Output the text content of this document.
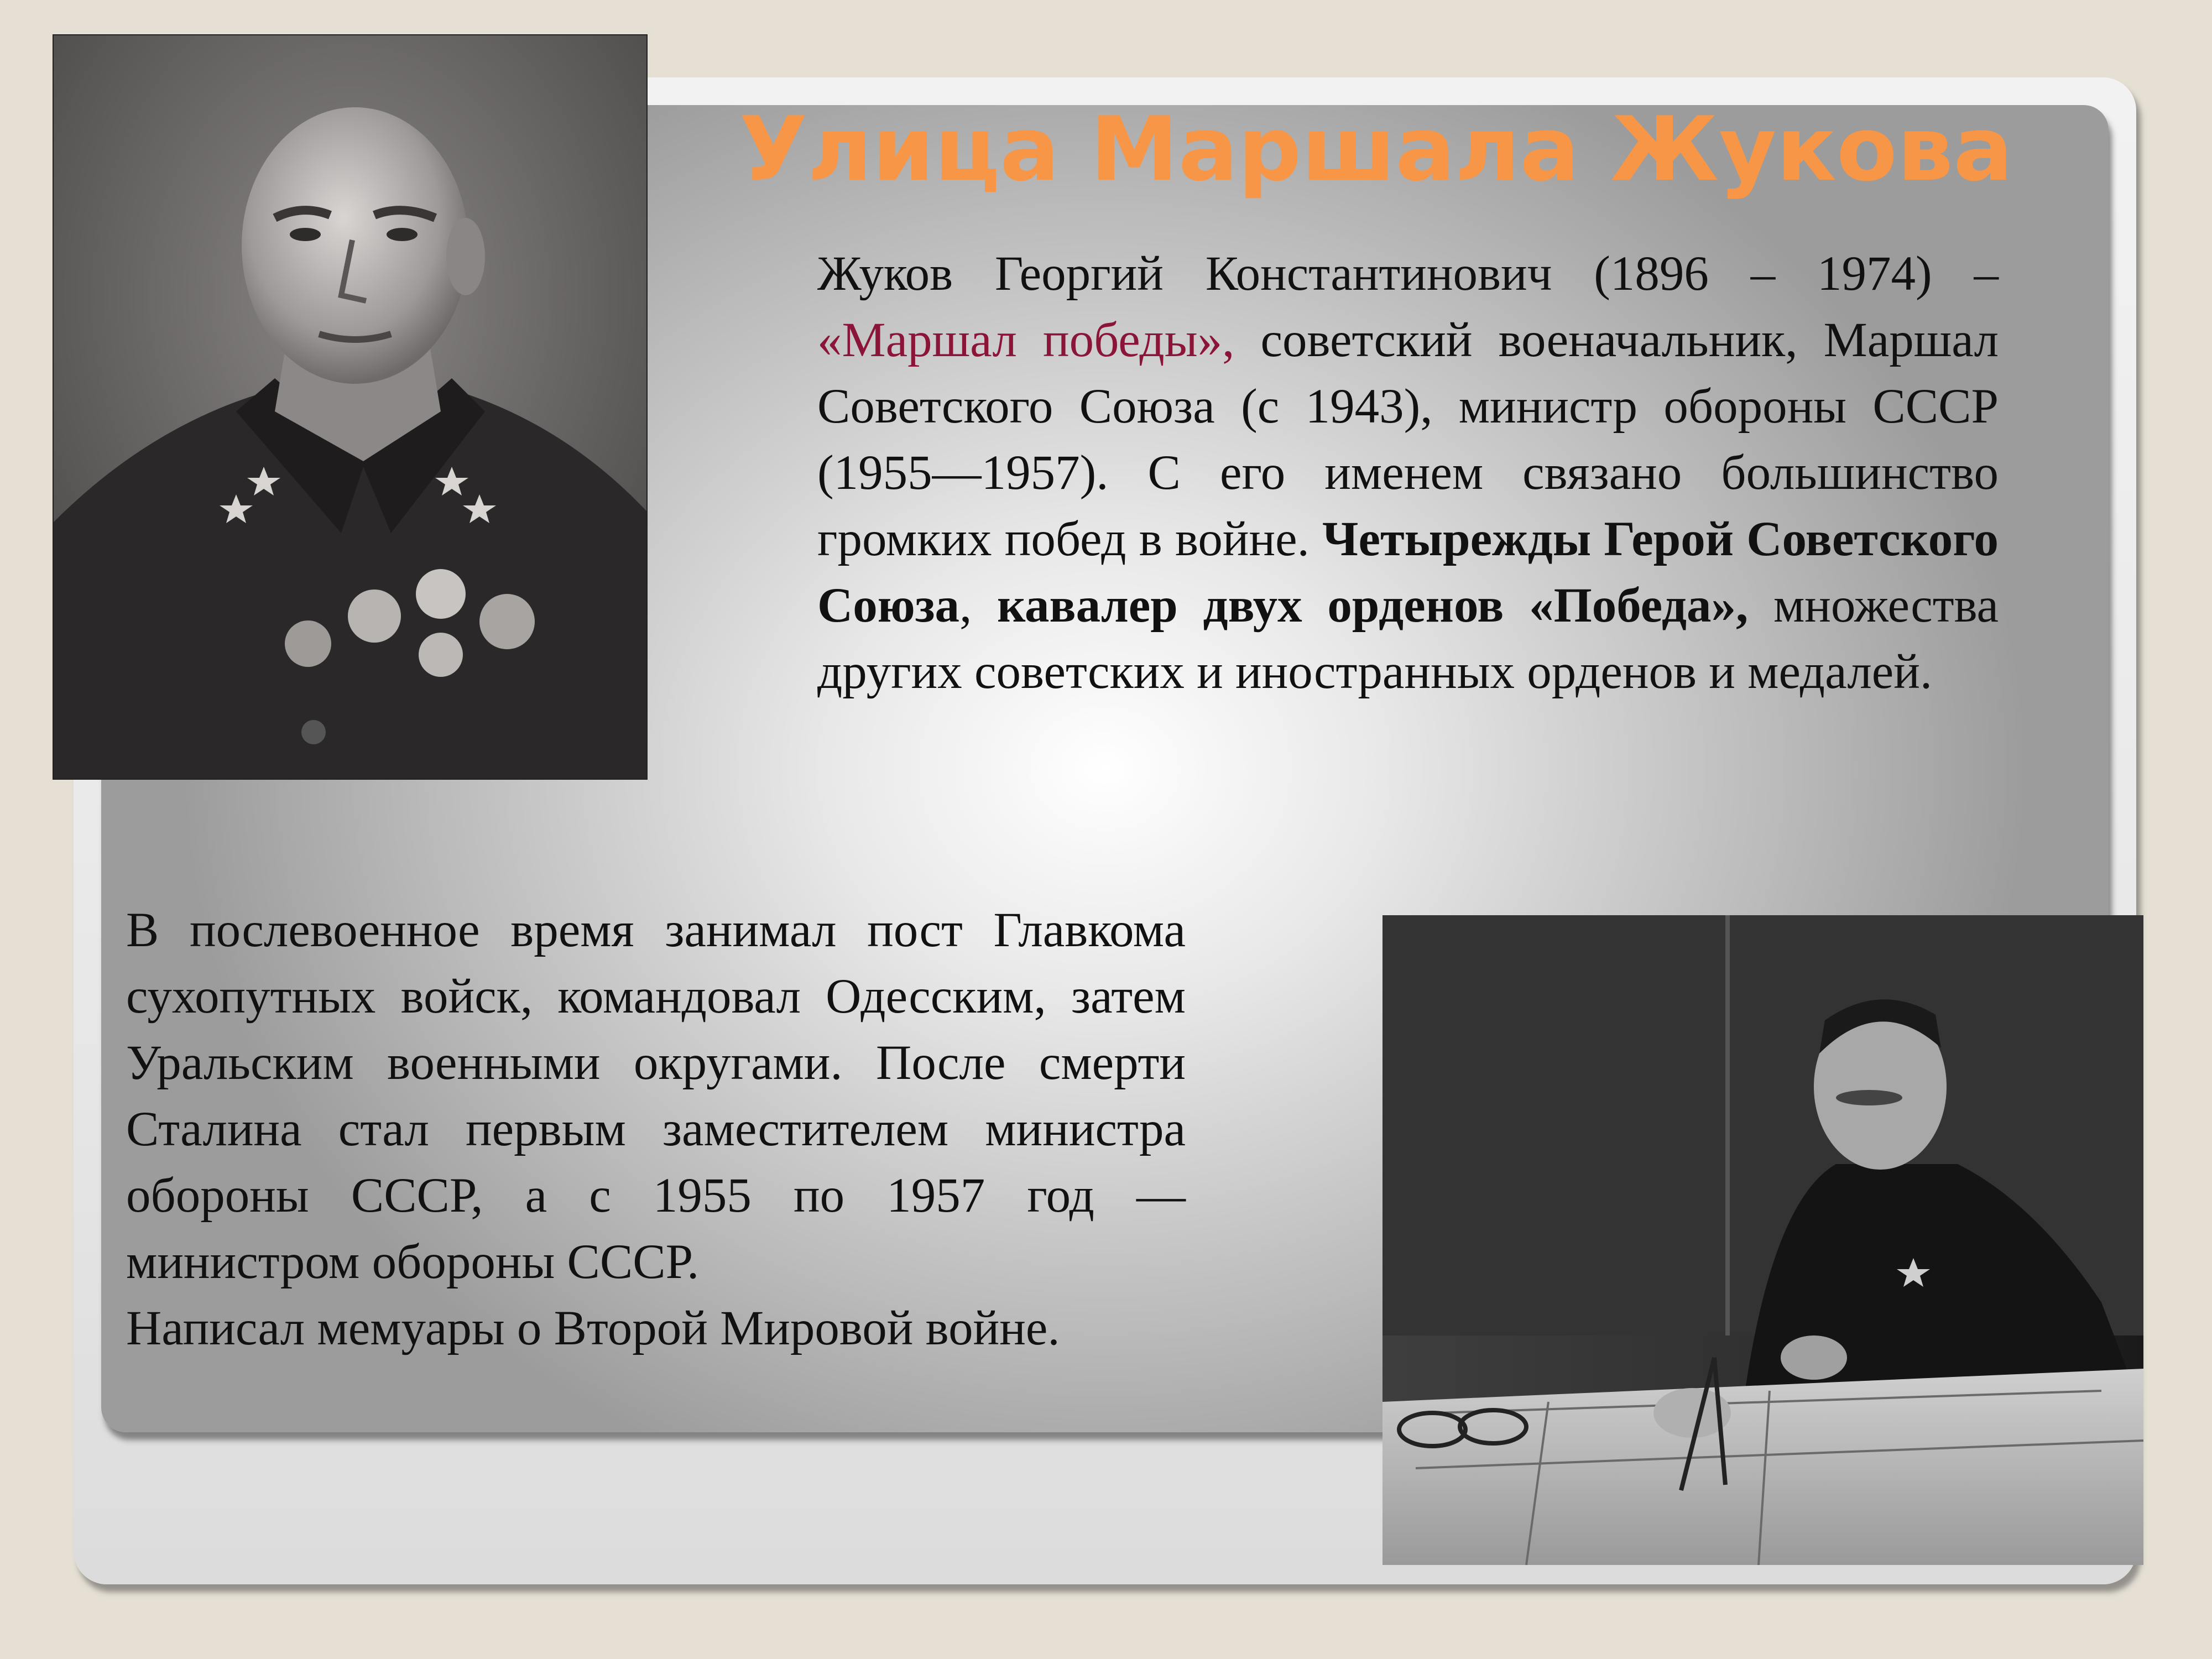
Улица Маршала Жукова
Жуков Георгий Константинович (1896 – 1974) – «Маршал победы», советский военачальник, Маршал Советского Союза (с 1943), министр обороны СССР (1955—1957). С его именем связано большинство громких побед в войне. Четырежды Герой Советского Союза, кавалер двух орденов «Победа», множества других советских и иностранных орденов и медалей.

В послевоенное время занимал пост Главкома сухопутных войск, командовал Одесским, затем Уральским военными округами. После смерти Сталина стал первым заместителем министра обороны СССР, а с 1955 по 1957 год — министром обороны СССР.

Написал мемуары о Второй Мировой войне.
